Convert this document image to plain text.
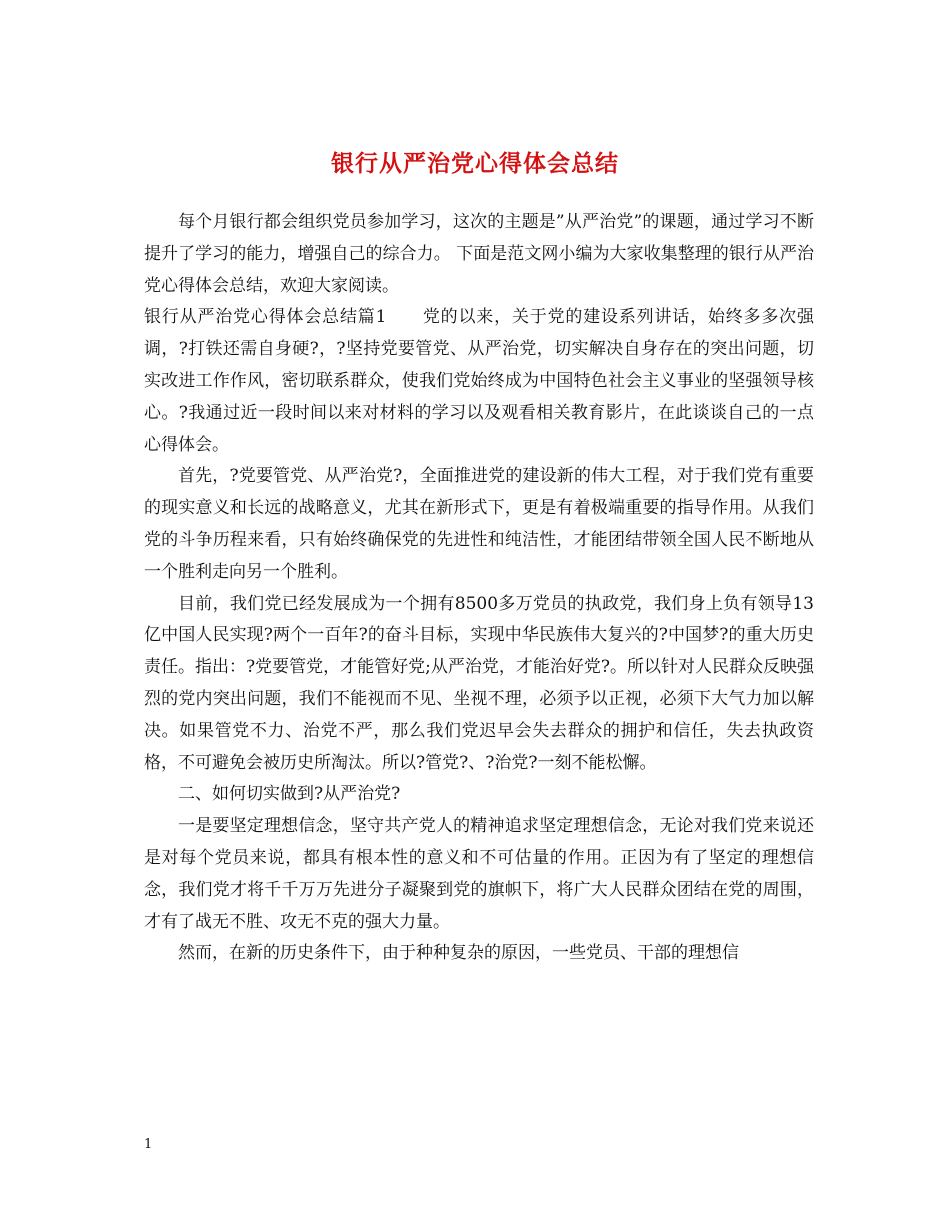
银行从严治党心得体会总结

每个月银行都会组织党员参加学习，这次的主题是”从严治党”的课题，通过学习不断提升了学习的能力，增强自己的综合力。 下面是范文网小编为大家收集整理的银行从严治党心得体会总结，欢迎大家阅读。

银行从严治党心得体会总结篇1　　党的以来，关于党的建设系列讲话，始终多多次强调，?打铁还需自身硬?，?坚持党要管党、从严治党，切实解决自身存在的突出问题，切实改进工作作风，密切联系群众，使我们党始终成为中国特色社会主义事业的坚强领导核心。?我通过近一段时间以来对材料的学习以及观看相关教育影片，在此谈谈自己的一点心得体会。

首先，?党要管党、从严治党?，全面推进党的建设新的伟大工程，对于我们党有重要的现实意义和长远的战略意义，尤其在新形式下，更是有着极端重要的指导作用。从我们党的斗争历程来看，只有始终确保党的先进性和纯洁性，才能团结带领全国人民不断地从一个胜利走向另一个胜利。

目前，我们党已经发展成为一个拥有8500多万党员的执政党，我们身上负有领导13亿中国人民实现?两个一百年?的奋斗目标，实现中华民族伟大复兴的?中国梦?的重大历史责任。指出：?党要管党，才能管好党;从严治党，才能治好党?。所以针对人民群众反映强烈的党内突出问题，我们不能视而不见、坐视不理，必须予以正视，必须下大气力加以解决。如果管党不力、治党不严，那么我们党迟早会失去群众的拥护和信任，失去执政资格，不可避免会被历史所淘汰。所以?管党?、?治党?一刻不能松懈。

二、如何切实做到?从严治党?

一是要坚定理想信念，坚守共产党人的精神追求坚定理想信念，无论对我们党来说还是对每个党员来说，都具有根本性的意义和不可估量的作用。正因为有了坚定的理想信念，我们党才将千千万万先进分子凝聚到党的旗帜下，将广大人民群众团结在党的周围，才有了战无不胜、攻无不克的强大力量。

然而，在新的历史条件下，由于种种复杂的原因，一些党员、干部的理想信

1
